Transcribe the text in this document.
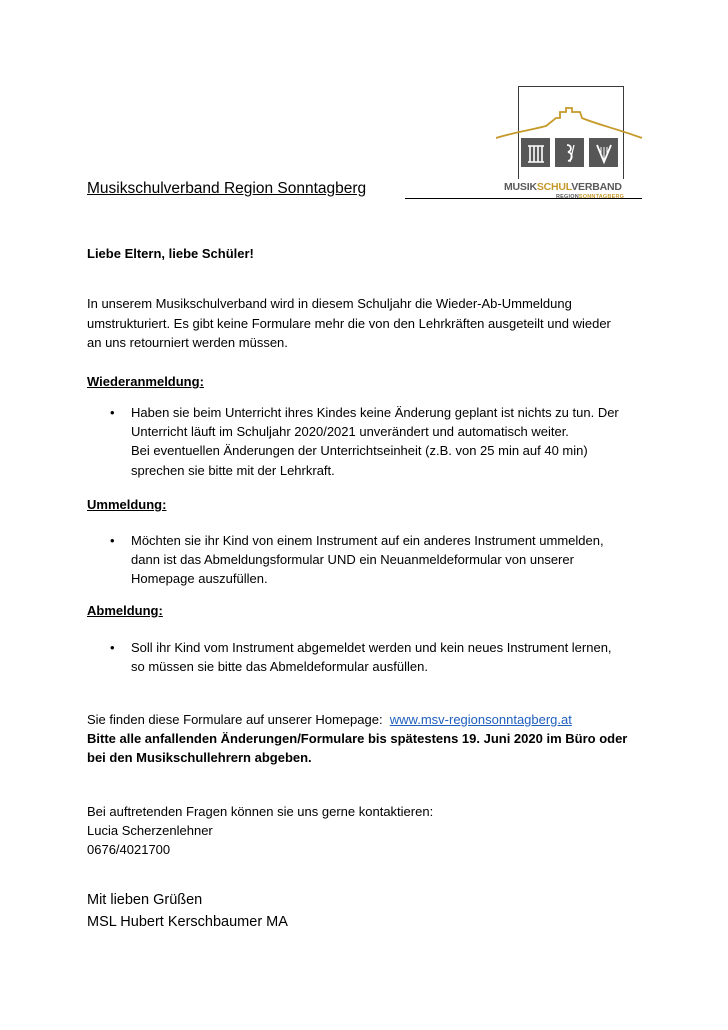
MUSIKSCHULVERBAND
REGIONSONNTAGBERG
Musikschulverband Region Sonntagberg
Liebe Eltern, liebe Schüler!
In unserem Musikschulverband wird in diesem Schuljahr die Wieder-Ab-Ummeldung
umstrukturiert. Es gibt keine Formulare mehr die von den Lehrkräften ausgeteilt und wieder
an uns retourniert werden müssen.
Wiederanmeldung:
• Haben sie beim Unterricht ihres Kindes keine Änderung geplant ist nichts zu tun. Der
Unterricht läuft im Schuljahr 2020/2021 unverändert und automatisch weiter.
Bei eventuellen Änderungen der Unterrichtseinheit (z.B. von 25 min auf 40 min)
sprechen sie bitte mit der Lehrkraft.
Ummeldung:
• Möchten sie ihr Kind von einem Instrument auf ein anderes Instrument ummelden,
dann ist das Abmeldungsformular UND ein Neuanmeldeformular von unserer
Homepage auszufüllen.
Abmeldung:
• Soll ihr Kind vom Instrument abgemeldet werden und kein neues Instrument lernen,
so müssen sie bitte das Abmeldeformular ausfüllen.
Sie finden diese Formulare auf unserer Homepage:  www.msv-regionsonntagberg.at
Bitte alle anfallenden Änderungen/Formulare bis spätestens 19. Juni 2020 im Büro oder
bei den Musikschullehrern abgeben.
Bei auftretenden Fragen können sie uns gerne kontaktieren:
Lucia Scherzenlehner
0676/4021700
Mit lieben Grüßen
MSL Hubert Kerschbaumer MA
